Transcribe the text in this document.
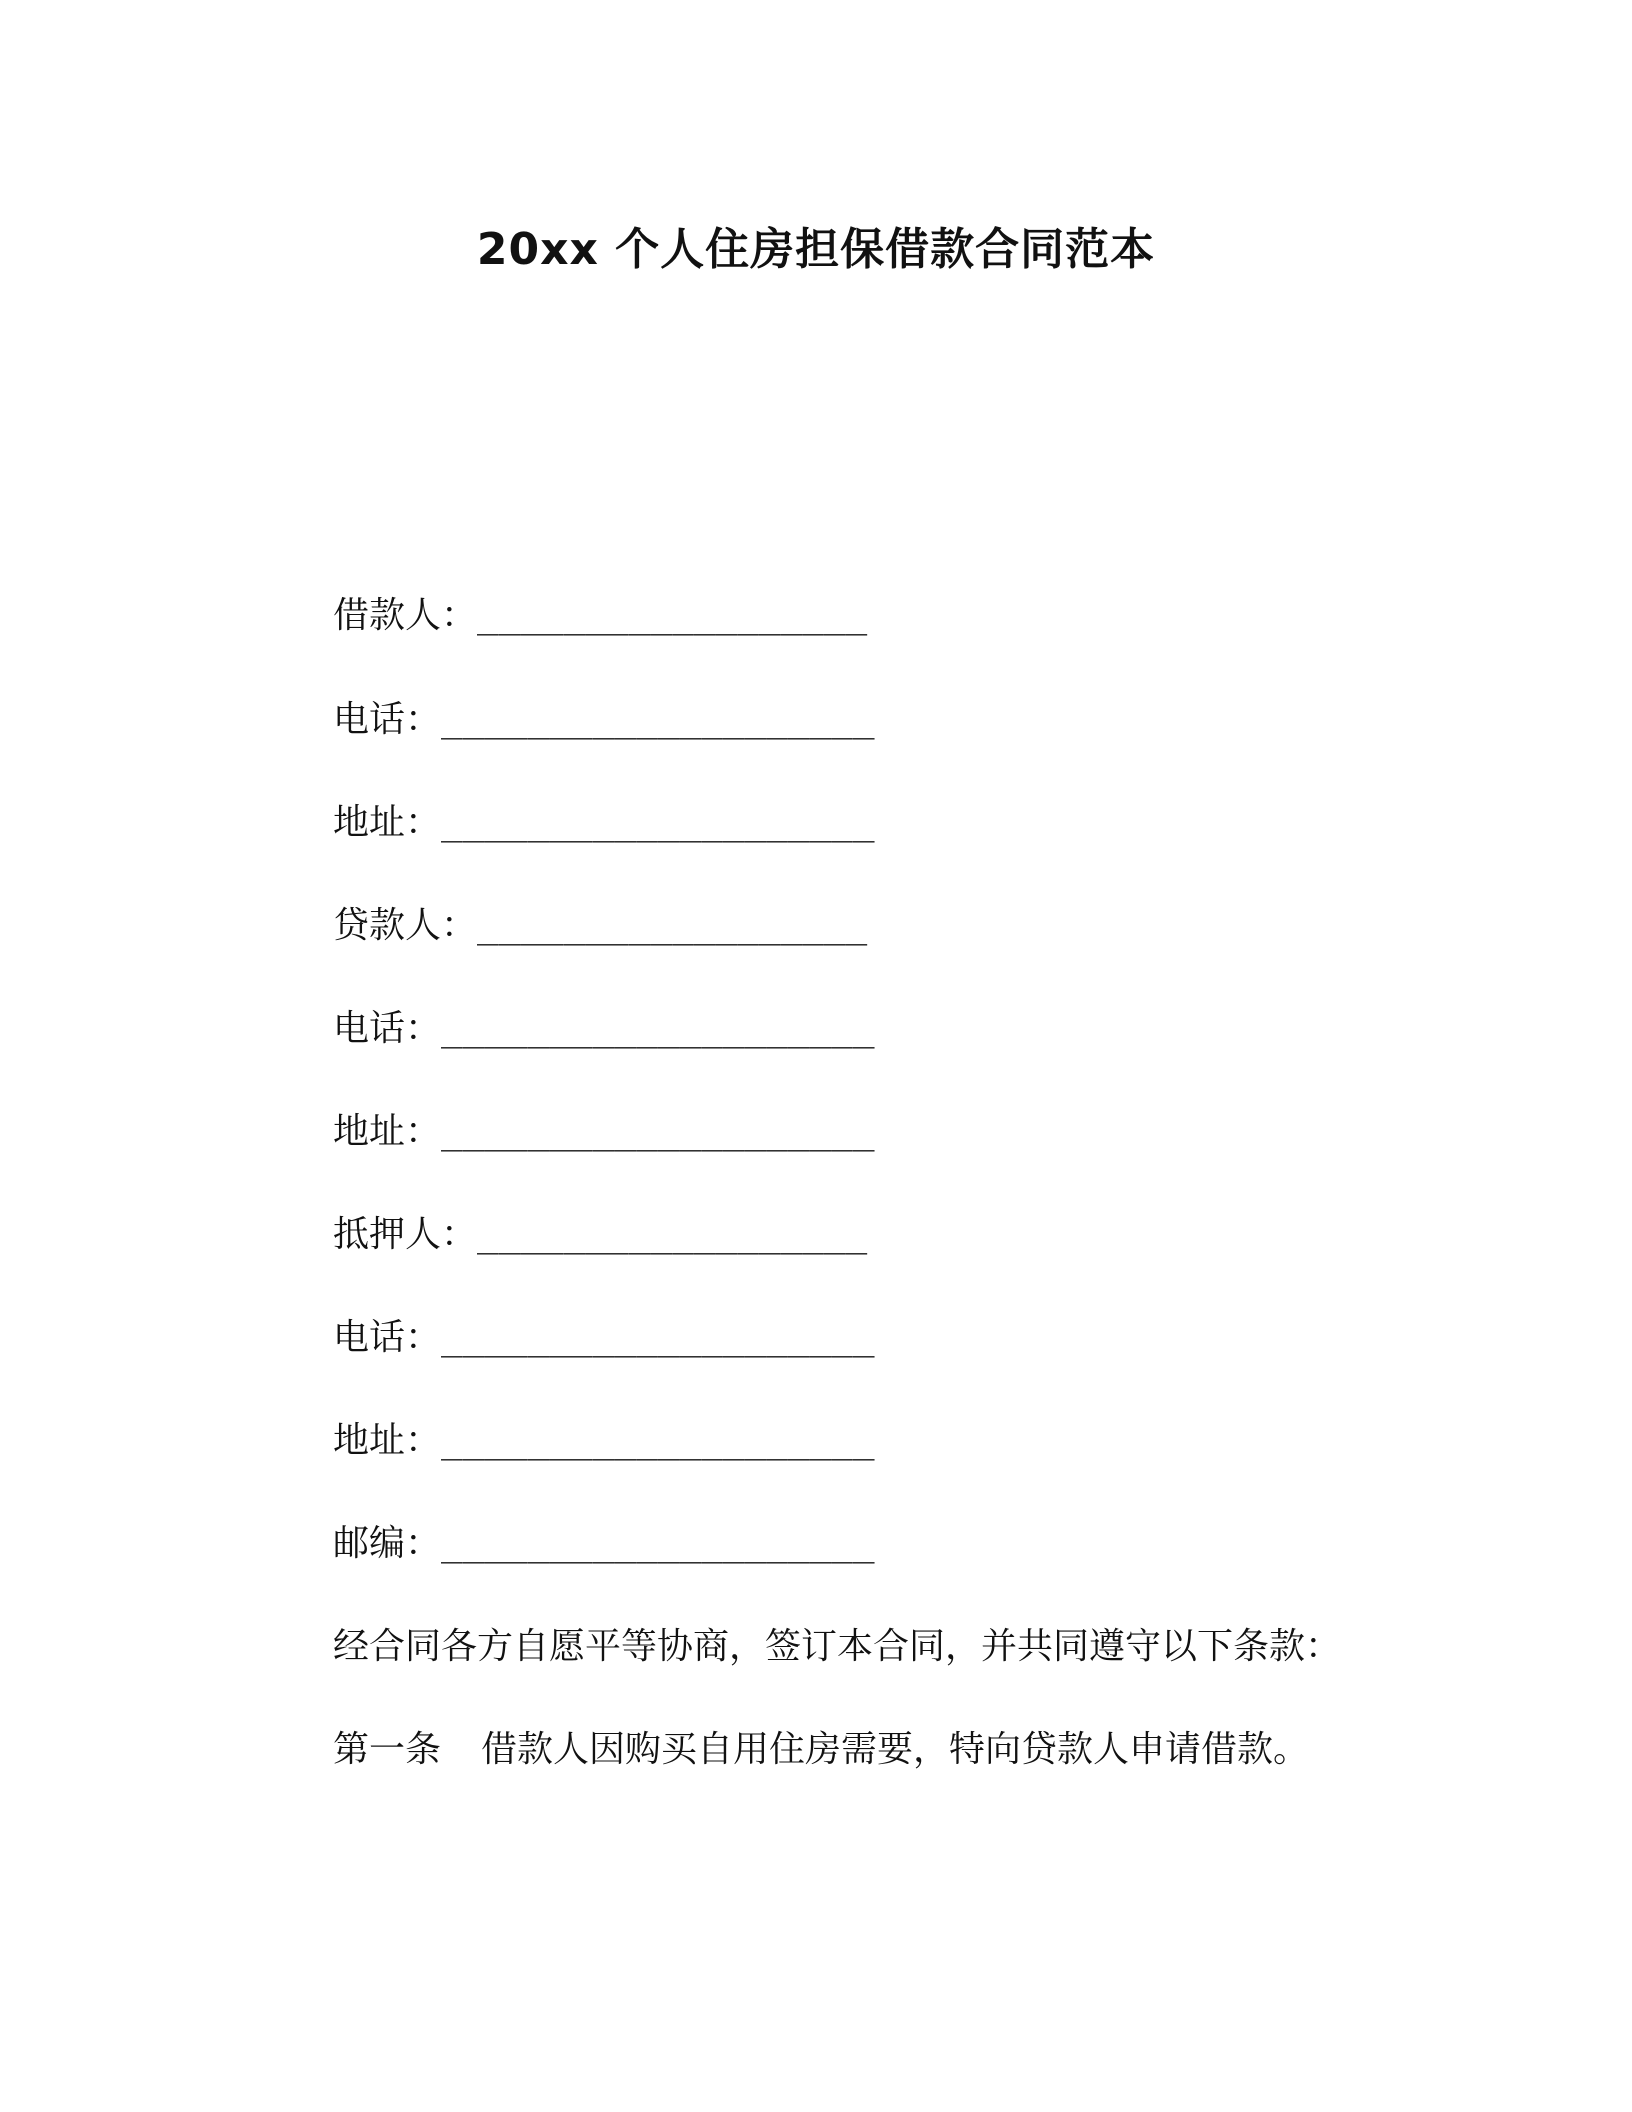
20xx 个人住房担保借款合同范本
借款人：__________________
电话：____________________
地址：____________________
贷款人：__________________
电话：____________________
地址：____________________
抵押人：__________________
电话：____________________
地址：____________________
邮编：____________________
经合同各方自愿平等协商，签订本合同，并共同遵守以下条款：
第一条 借款人因购买自用住房需要，特向贷款人申请借款。
